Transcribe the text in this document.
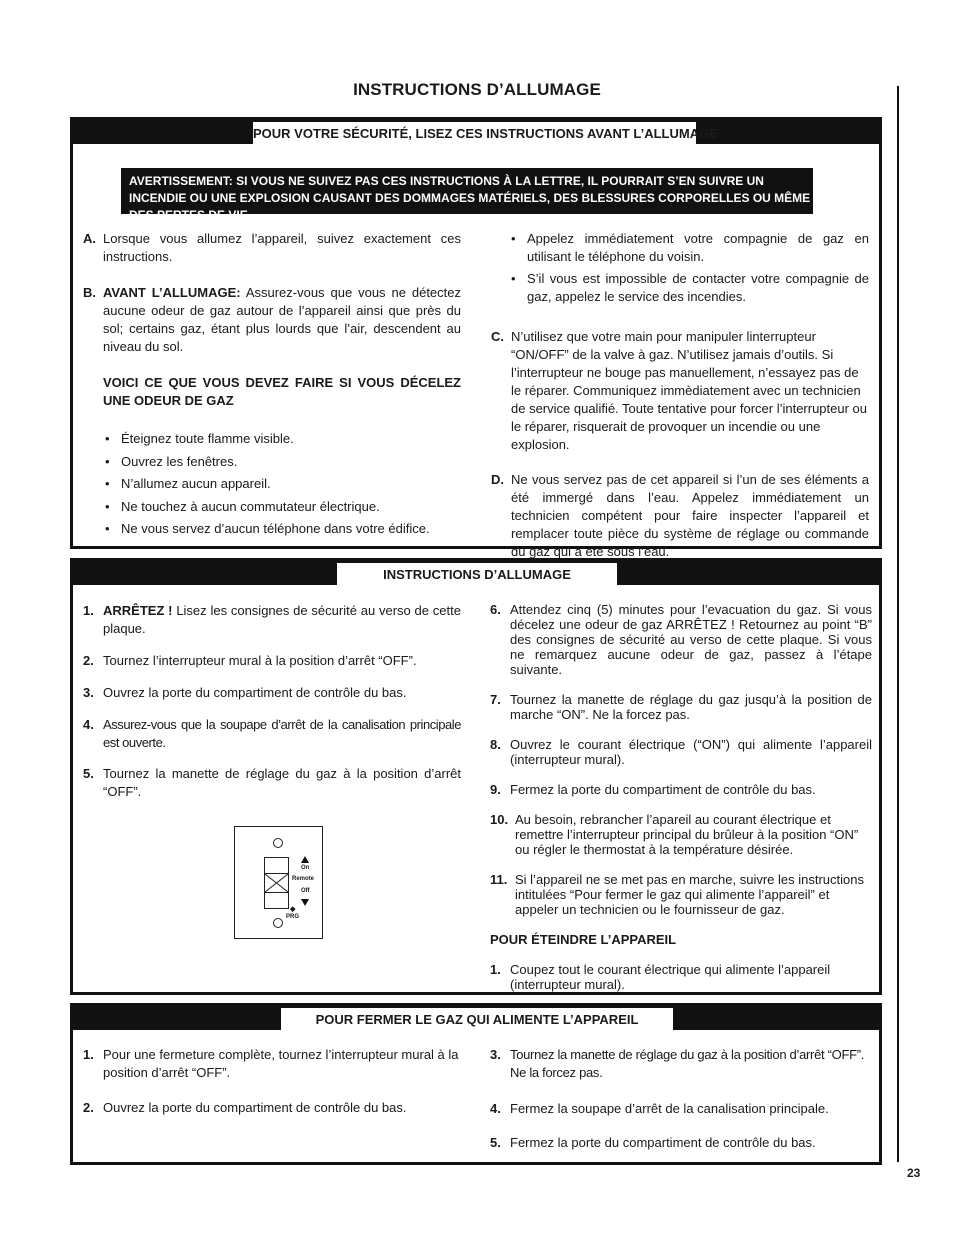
INSTRUCTIONS D’ALLUMAGE
23
POUR VOTRE SÉCURITÉ, LISEZ CES INSTRUCTIONS AVANT L’ALLUMAGE
AVERTISSEMENT: SI VOUS NE SUIVEZ PAS CES INSTRUCTIONS À LA LETTRE, IL POURRAIT S’EN SUIVRE UN INCENDIE OU UNE EXPLOSION CAUSANT DES DOMMAGES MATÉRIELS, DES BLESSURES CORPORELLES OU MÊME DES PERTES DE VIE.
A. Lorsque vous allumez l’appareil, suivez exactement ces instructions.
B. AVANT L’ALLUMAGE: Assurez-vous que vous ne détectez aucune odeur de gaz autour de l’appareil ainsi que près du sol; certains gaz, étant plus lourds que l’air, descendent au niveau du sol.
VOICI CE QUE VOUS DEVEZ FAIRE SI VOUS DÉCELEZ UNE ODEUR DE GAZ
• Éteignez toute flamme visible.
• Ouvrez les fenêtres.
• N’allumez aucun appareil.
• Ne touchez à aucun commutateur électrique.
• Ne vous servez d’aucun téléphone dans votre édifice.
• Appelez immédiatement votre compagnie de gaz en utilisant le téléphone du voisin.
• S’il vous est impossible de contacter votre compagnie de gaz, appelez le service des incendies.
C. N’utilisez que votre main pour manipuler linterrupteur “ON/OFF” de la valve à gaz. N’utilisez jamais d’outils. Si l’interrupteur ne bouge pas manuellement, n’essayez pas de le réparer. Communiquez immèdiatement avec un technicien de service qualifié. Toute tentative pour forcer l’interrupteur ou le réparer, risquerait de provoquer un incendie ou une explosion.
D. Ne vous servez pas de cet appareil si l’un de ses éléments a été immergé dans l’eau. Appelez immédiatement un technicien compétent pour faire inspecter l’appareil et remplacer toute pièce du système de réglage ou commande du gaz qui a été sous l’eau.
INSTRUCTIONS D’ALLUMAGE
1. ARRÊTEZ ! Lisez les consignes de sécurité au verso de cette plaque.
2. Tournez l’interrupteur mural à la position d’arrêt “OFF”.
3. Ouvrez la porte du compartiment de contrôle du bas.
4. Assurez-vous que la soupape d’arrêt de la canalisation principale est ouverte.
5. Tournez la manette de réglage du gaz à la position d’arrêt “OFF”.
On
Remote
Off
◆
PRG
6. Attendez cinq (5) minutes pour l’evacuation du gaz. Si vous décelez une odeur de gaz ARRÊTEZ ! Retournez au point “B” des consignes de sécurité au verso de cette plaque. Si vous ne remarquez aucune odeur de gaz, passez à l’étape suivante.
7. Tournez la manette de réglage du gaz jusqu’à la position de marche “ON”. Ne la forcez pas.
8. Ouvrez le courant électrique (“ON”) qui alimente l’appareil (interrupteur mural).
9. Fermez la porte du compartiment de contrôle du bas.
10. Au besoin, rebrancher l’apareil au courant électrique et remettre l’interrupteur principal du brûleur à la position “ON” ou régler le thermostat à la température désirée.
11. Si l’appareil ne se met pas en marche, suivre les instructions intitulées “Pour fermer le gaz qui alimente l’appareil” et appeler un technicien ou le fournisseur de gaz.
POUR ÉTEINDRE L’APPAREIL
1. Coupez tout le courant électrique qui alimente l’appareil (interrupteur mural).
POUR FERMER LE GAZ QUI ALIMENTE L’APPAREIL
1. Pour une fermeture complète, tournez l’interrupteur mural à la position d’arrêt “OFF”.
2. Ouvrez la porte du compartiment de contrôle du bas.
3. Tournez la manette de réglage du gaz à la position d’arrêt “OFF”. Ne la forcez pas.
4. Fermez la soupape d’arrêt de la canalisation principale.
5. Fermez la porte du compartiment de contrôle du bas.
